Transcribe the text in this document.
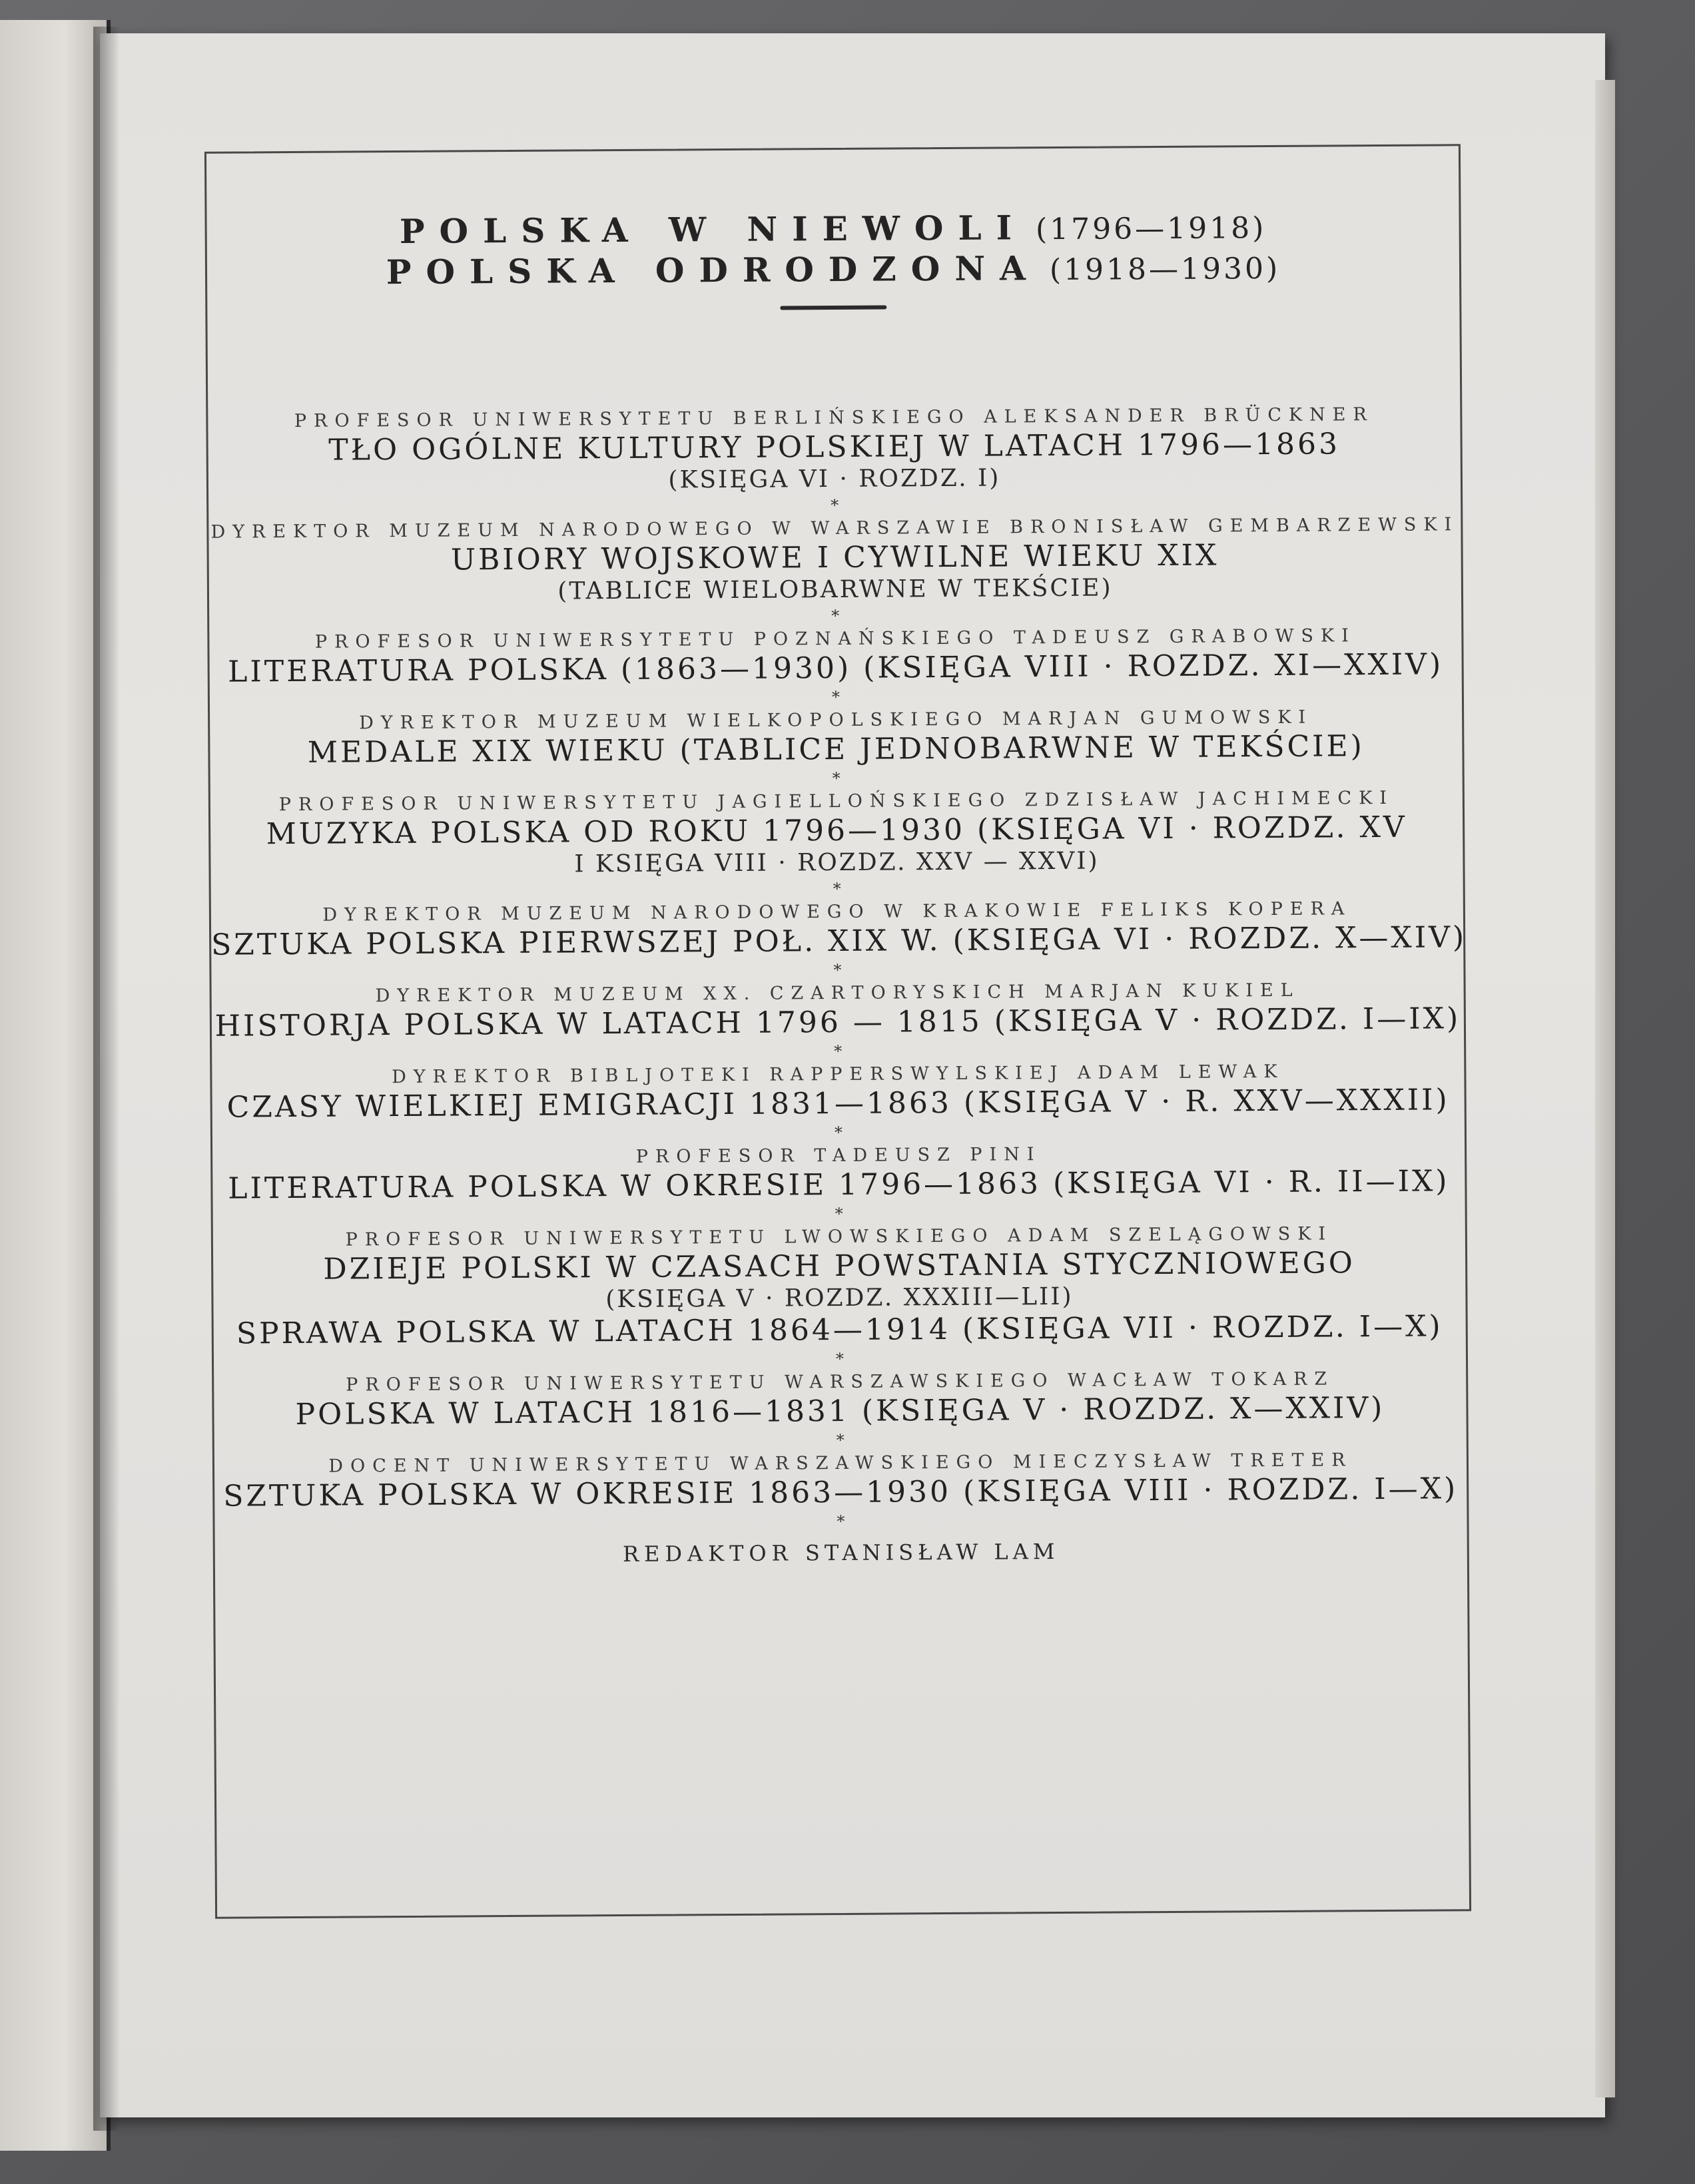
POLSKA W NIEWOLI (1796—1918)
POLSKA ODRODZONA (1918—1930)
PROFESOR UNIWERSYTETU BERLIŃSKIEGO ALEKSANDER BRÜCKNER
TŁO OGÓLNE KULTURY POLSKIEJ W LATACH 1796—1863
(KSIĘGA VI · ROZDZ. I)
*
DYREKTOR MUZEUM NARODOWEGO W WARSZAWIE BRONISŁAW GEMBARZEWSKI
UBIORY WOJSKOWE I CYWILNE WIEKU XIX
(TABLICE WIELOBARWNE W TEKŚCIE)
*
PROFESOR UNIWERSYTETU POZNAŃSKIEGO TADEUSZ GRABOWSKI
LITERATURA POLSKA (1863—1930) (KSIĘGA VIII · ROZDZ. XI—XXIV)
*
DYREKTOR MUZEUM WIELKOPOLSKIEGO MARJAN GUMOWSKI
MEDALE XIX WIEKU (TABLICE JEDNOBARWNE W TEKŚCIE)
*
PROFESOR UNIWERSYTETU JAGIELLOŃSKIEGO ZDZISŁAW JACHIMECKI
MUZYKA POLSKA OD ROKU 1796—1930 (KSIĘGA VI · ROZDZ. XV
I KSIĘGA VIII · ROZDZ. XXV — XXVI)
*
DYREKTOR MUZEUM NARODOWEGO W KRAKOWIE FELIKS KOPERA
SZTUKA POLSKA PIERWSZEJ POŁ. XIX W. (KSIĘGA VI · ROZDZ. X—XIV)
*
DYREKTOR MUZEUM XX. CZARTORYSKICH MARJAN KUKIEL
HISTORJA POLSKA W LATACH 1796 — 1815 (KSIĘGA V · ROZDZ. I—IX)
*
DYREKTOR BIBLJOTEKI RAPPERSWYLSKIEJ ADAM LEWAK
CZASY WIELKIEJ EMIGRACJI 1831—1863 (KSIĘGA V · R. XXV—XXXII)
*
PROFESOR TADEUSZ PINI
LITERATURA POLSKA W OKRESIE 1796—1863 (KSIĘGA VI · R. II—IX)
*
PROFESOR UNIWERSYTETU LWOWSKIEGO ADAM SZELĄGOWSKI
DZIEJE POLSKI W CZASACH POWSTANIA STYCZNIOWEGO
(KSIĘGA V · ROZDZ. XXXIII—LII)
SPRAWA POLSKA W LATACH 1864—1914 (KSIĘGA VII · ROZDZ. I—X)
*
PROFESOR UNIWERSYTETU WARSZAWSKIEGO WACŁAW TOKARZ
POLSKA W LATACH 1816—1831 (KSIĘGA V · ROZDZ. X—XXIV)
*
DOCENT UNIWERSYTETU WARSZAWSKIEGO MIECZYSŁAW TRETER
SZTUKA POLSKA W OKRESIE 1863—1930 (KSIĘGA VIII · ROZDZ. I—X)
*
REDAKTOR STANISŁAW LAM
